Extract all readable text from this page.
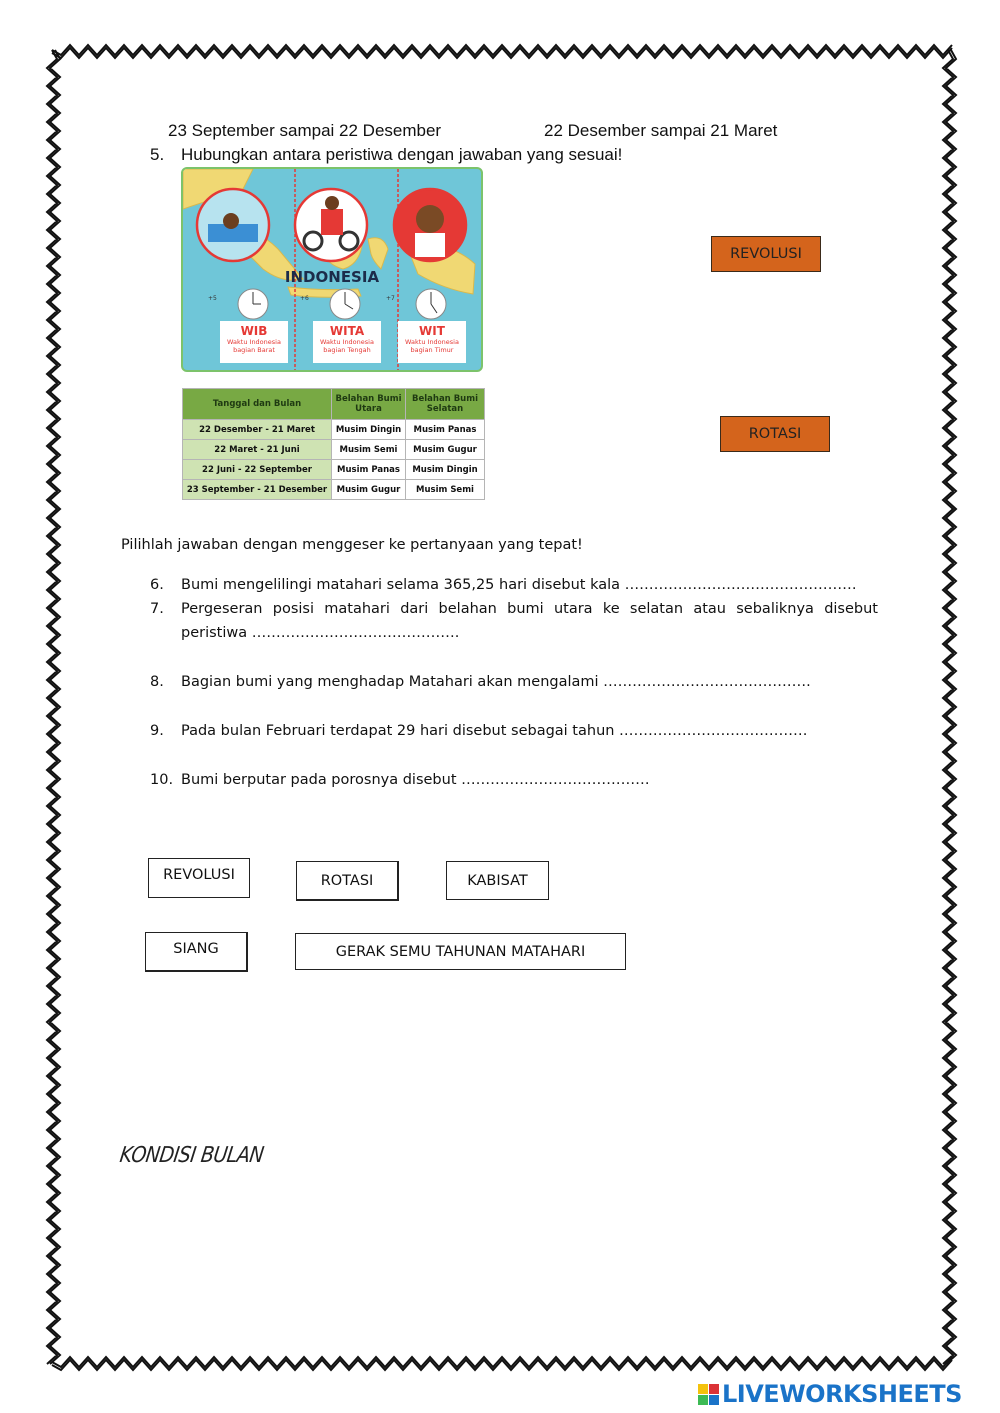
23 September sampai 22 Desember	22 Desember sampai 21 Maret
5. Hubungkan antara peristiwa dengan jawaban yang sesuai!
+5	+6	+7
INDONESIA
WIB	WITA	WIT
Waktu Indonesia bagian Barat
Waktu Indonesia bagian Tengah
Waktu Indonesia bagian Timur
Tanggal dan Bulan	Belahan Bumi Utara	Belahan Bumi Selatan
22 Desember - 21 Maret	Musim Dingin	Musim Panas
22 Maret - 21 Juni	Musim Semi	Musim Gugur
22 Juni - 22 September	Musim Panas	Musim Dingin
23 September - 21 Desember	Musim Gugur	Musim Semi
REVOLUSI
ROTASI
Pilihlah jawaban dengan menggeser ke pertanyaan yang tepat!
6. Bumi mengelilingi matahari selama 365,25 hari disebut kala …………………………………………
7. Pergeseran posisi matahari dari belahan bumi utara ke selatan atau sebaliknya disebut peristiwa …………………………………….
8. Bagian bumi yang menghadap Matahari akan mengalami …………………………………….
9. Pada bulan Februari terdapat 29 hari disebut sebagai tahun …………………………………
10. Bumi berputar pada porosnya disebut …………………………………
REVOLUSI	ROTASI	KABISAT
SIANG	GERAK SEMU TAHUNAN MATAHARI
KONDISI BULAN
LIVEWORKSHEETS
